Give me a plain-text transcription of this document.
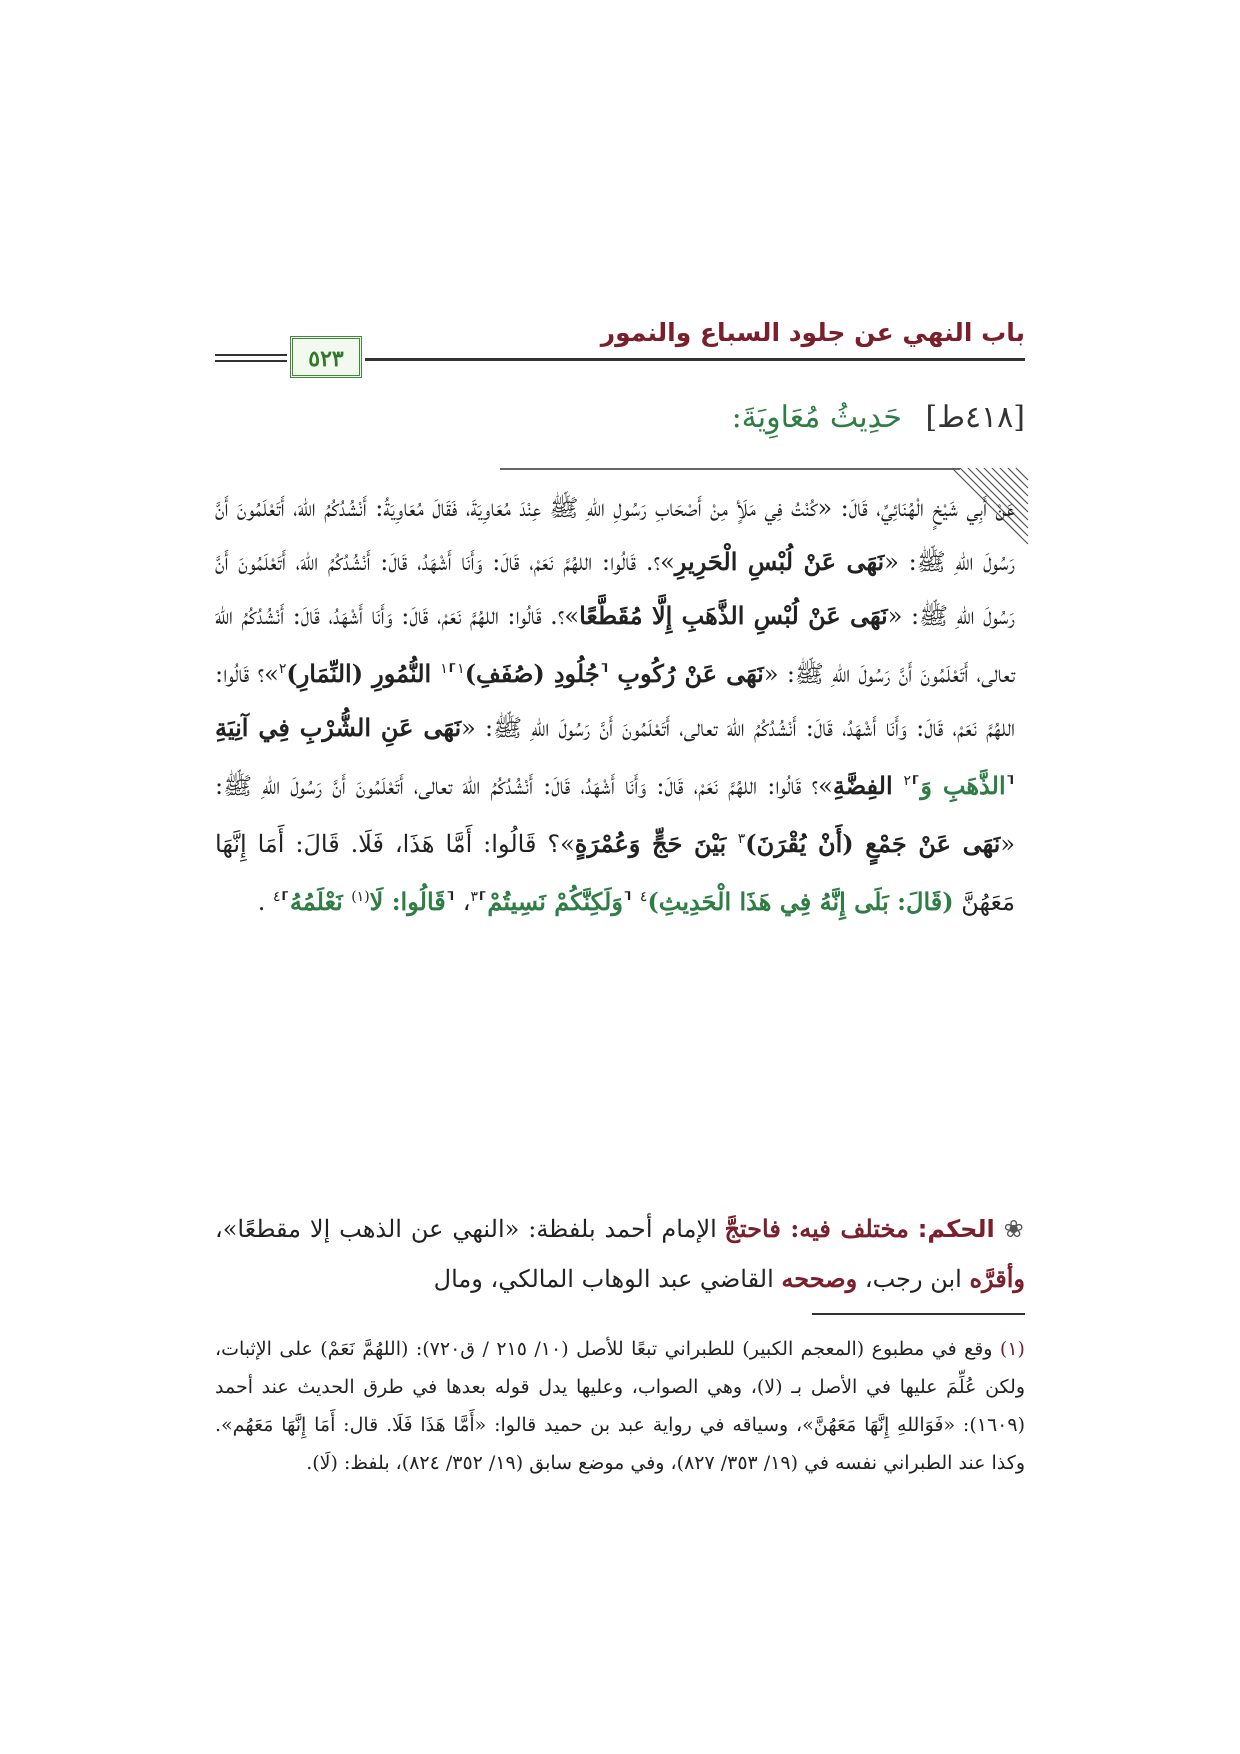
باب النهي عن جلود السباع والنمور
٥٢٣
[٤١٨ط] حَدِيثُ مُعَاوِيَةَ:
عَنْ أَبِي شَيْخٍ الْهُنَائِيِّ، قَالَ: «كُنْتُ فِي مَلَأٍ مِنْ أَصْحَابِ رَسُولِ اللهِ ﷺ عِنْدَ مُعَاوِيَةَ، فَقَالَ مُعَاوِيَةُ: أَنْشُدُكُمُ اللهَ، أَتَعْلَمُونَ أَنَّ رَسُولَ اللهِ ﷺ: «نَهَى عَنْ لُبْسِ الْحَرِيرِ»؟. قَالُوا: اللهُمَّ نَعَمْ، قَالَ: وَأَنَا أَشْهَدُ، قَالَ: أَنْشُدُكُمُ اللهَ، أَتَعْلَمُونَ أَنَّ رَسُولَ اللهِ ﷺ: «نَهَى عَنْ لُبْسِ الذَّهَبِ إِلَّا مُقَطَّعًا»؟. قَالُوا: اللهُمَّ نَعَمْ، قَالَ: وَأَنَا أَشْهَدُ، قَالَ: أَنْشُدُكُمُ اللهَ تعالى، أَتَعْلَمُونَ أَنَّ رَسُولَ اللهِ ﷺ: «نَهَى عَنْ رُكُوبِ ⸢جُلُودِ (صُفَفِ)$^١$⸣$^١$ النُّمُورِ (النِّمَارِ)$^٢$»؟ قَالُوا: اللهُمَّ نَعَمْ، قَالَ: وَأَنَا أَشْهَدُ، قَالَ: أَنْشُدُكُمُ اللهَ تعالى، أَتَعْلَمُونَ أَنَّ رَسُولَ اللهِ ﷺ: «نَهَى عَنِ الشُّرْبِ فِي آنِيَةِ ⸢الذَّهَبِ وَ⸣$^٢$ الفِضَّةِ»؟ قَالُوا: اللهُمَّ نَعَمْ، قَالَ: وَأَنَا أَشْهَدُ، قَالَ: أَنْشُدُكُمُ اللهَ تعالى، أَتَعْلَمُونَ أَنَّ رَسُولَ اللهِ ﷺ: «نَهَى عَنْ جَمْعٍ (أَنْ يُقْرَنَ)$^٣$ بَيْنَ حَجٍّ وَعُمْرَةٍ»؟ قَالُوا: أَمَّا هَذَا، فَلَا. قَالَ: أَمَا إِنَّهَا مَعَهُنَّ (قَالَ: بَلَى إِنَّهُ فِي هَذَا الْحَدِيثِ)$^٤$ ⸢وَلَكِنَّكُمْ نَسِيتُمْ⸣$^٣$، ⸢قَالُوا: لَا$^{(١)}$ نَعْلَمُهُ⸣$^٤$ .
❀ الحكم: مختلف فيه: فاحتجَّ الإمام أحمد بلفظة: «النهي عن الذهب إلا مقطعًا»، وأقرَّه ابن رجب، وصححه القاضي عبد الوهاب المالكي، ومال
(١) وقع في مطبوع (المعجم الكبير) للطبراني تبعًا للأصل (١٠/ ٢١٥ / ق٧٢٠): (اللهُمَّ نَعَمْ) على الإثبات، ولكن عُلِّمَ عليها في الأصل بـ (لا)، وهي الصواب، وعليها يدل قوله بعدها في طرق الحديث عند أحمد (١٦٠٩): «فَوَاللهِ إِنَّهَا مَعَهُنَّ»، وسياقه في رواية عبد بن حميد قالوا: «أَمَّا هَذَا فَلَا. قال: أَمَا إِنَّهَا مَعَهُم». وكذا عند الطبراني نفسه في (١٩/ ٣٥٣/ ٨٢٧)، وفي موضع سابق (١٩/ ٣٥٢/ ٨٢٤)، بلفظ: (لَا).
